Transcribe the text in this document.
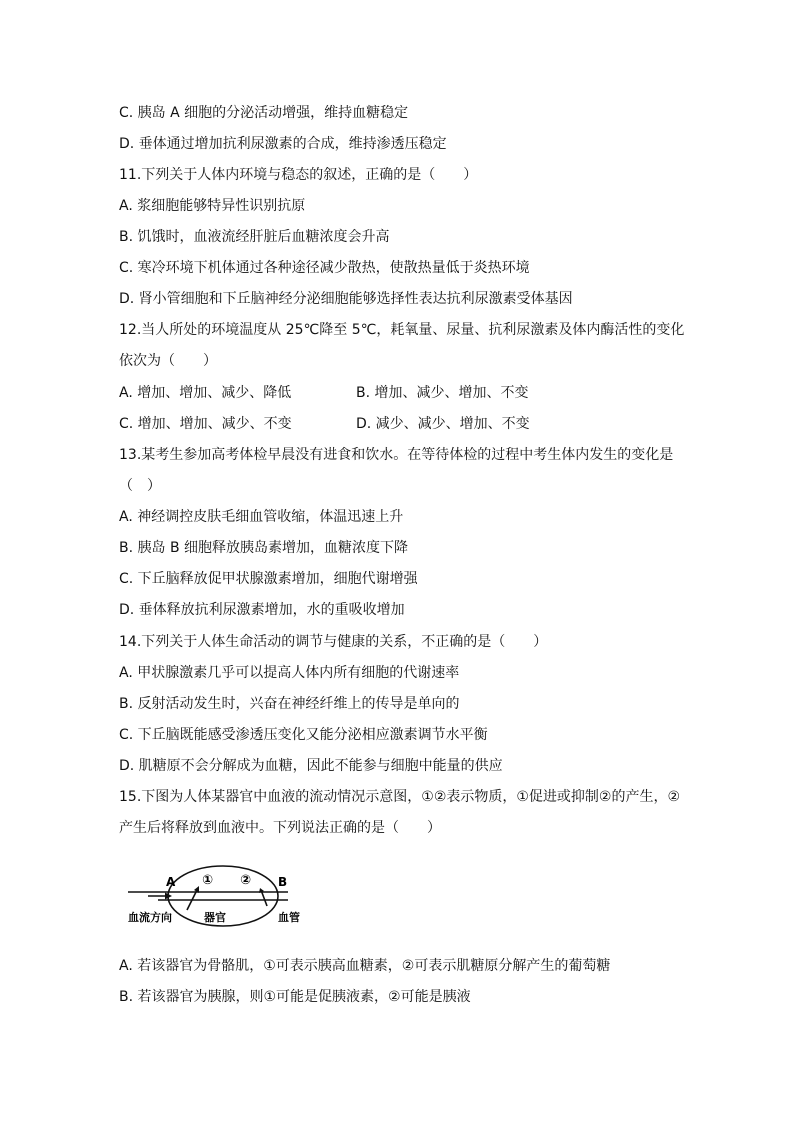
C. 胰岛 A 细胞的分泌活动增强，维持血糖稳定
D. 垂体通过增加抗利尿激素的合成，维持渗透压稳定
11.下列关于人体内环境与稳态的叙述，正确的是（　　）
A. 浆细胞能够特异性识别抗原
B. 饥饿时，血液流经肝脏后血糖浓度会升高
C. 寒冷环境下机体通过各种途径减少散热，使散热量低于炎热环境
D. 肾小管细胞和下丘脑神经分泌细胞能够选择性表达抗利尿激素受体基因
12.当人所处的环境温度从 25℃降至 5℃，耗氧量、尿量、抗利尿激素及体内酶活性的变化
依次为（　　）
A. 增加、增加、减少、降低	B. 增加、减少、增加、不变
C. 增加、增加、减少、不变	D. 减少、减少、增加、不变
13.某考生参加高考体检早晨没有进食和饮水。在等待体检的过程中考生体内发生的变化是
（　）
A. 神经调控皮肤毛细血管收缩，体温迅速上升
B. 胰岛 B 细胞释放胰岛素增加，血糖浓度下降
C. 下丘脑释放促甲状腺激素增加，细胞代谢增强
D. 垂体释放抗利尿激素增加，水的重吸收增加
14.下列关于人体生命活动的调节与健康的关系，不正确的是（　　）
A. 甲状腺激素几乎可以提高人体内所有细胞的代谢速率
B. 反射活动发生时，兴奋在神经纤维上的传导是单向的
C. 下丘脑既能感受渗透压变化又能分泌相应激素调节水平衡
D. 肌糖原不会分解成为血糖，因此不能参与细胞中能量的供应
15.下图为人体某器官中血液的流动情况示意图，①②表示物质，①促进或抑制②的产生，②
产生后将释放到血液中。下列说法正确的是（　　）
A	B
① ②
血流方向	器官	血管
A. 若该器官为骨骼肌，①可表示胰高血糖素，②可表示肌糖原分解产生的葡萄糖
B. 若该器官为胰腺，则①可能是促胰液素，②可能是胰液
